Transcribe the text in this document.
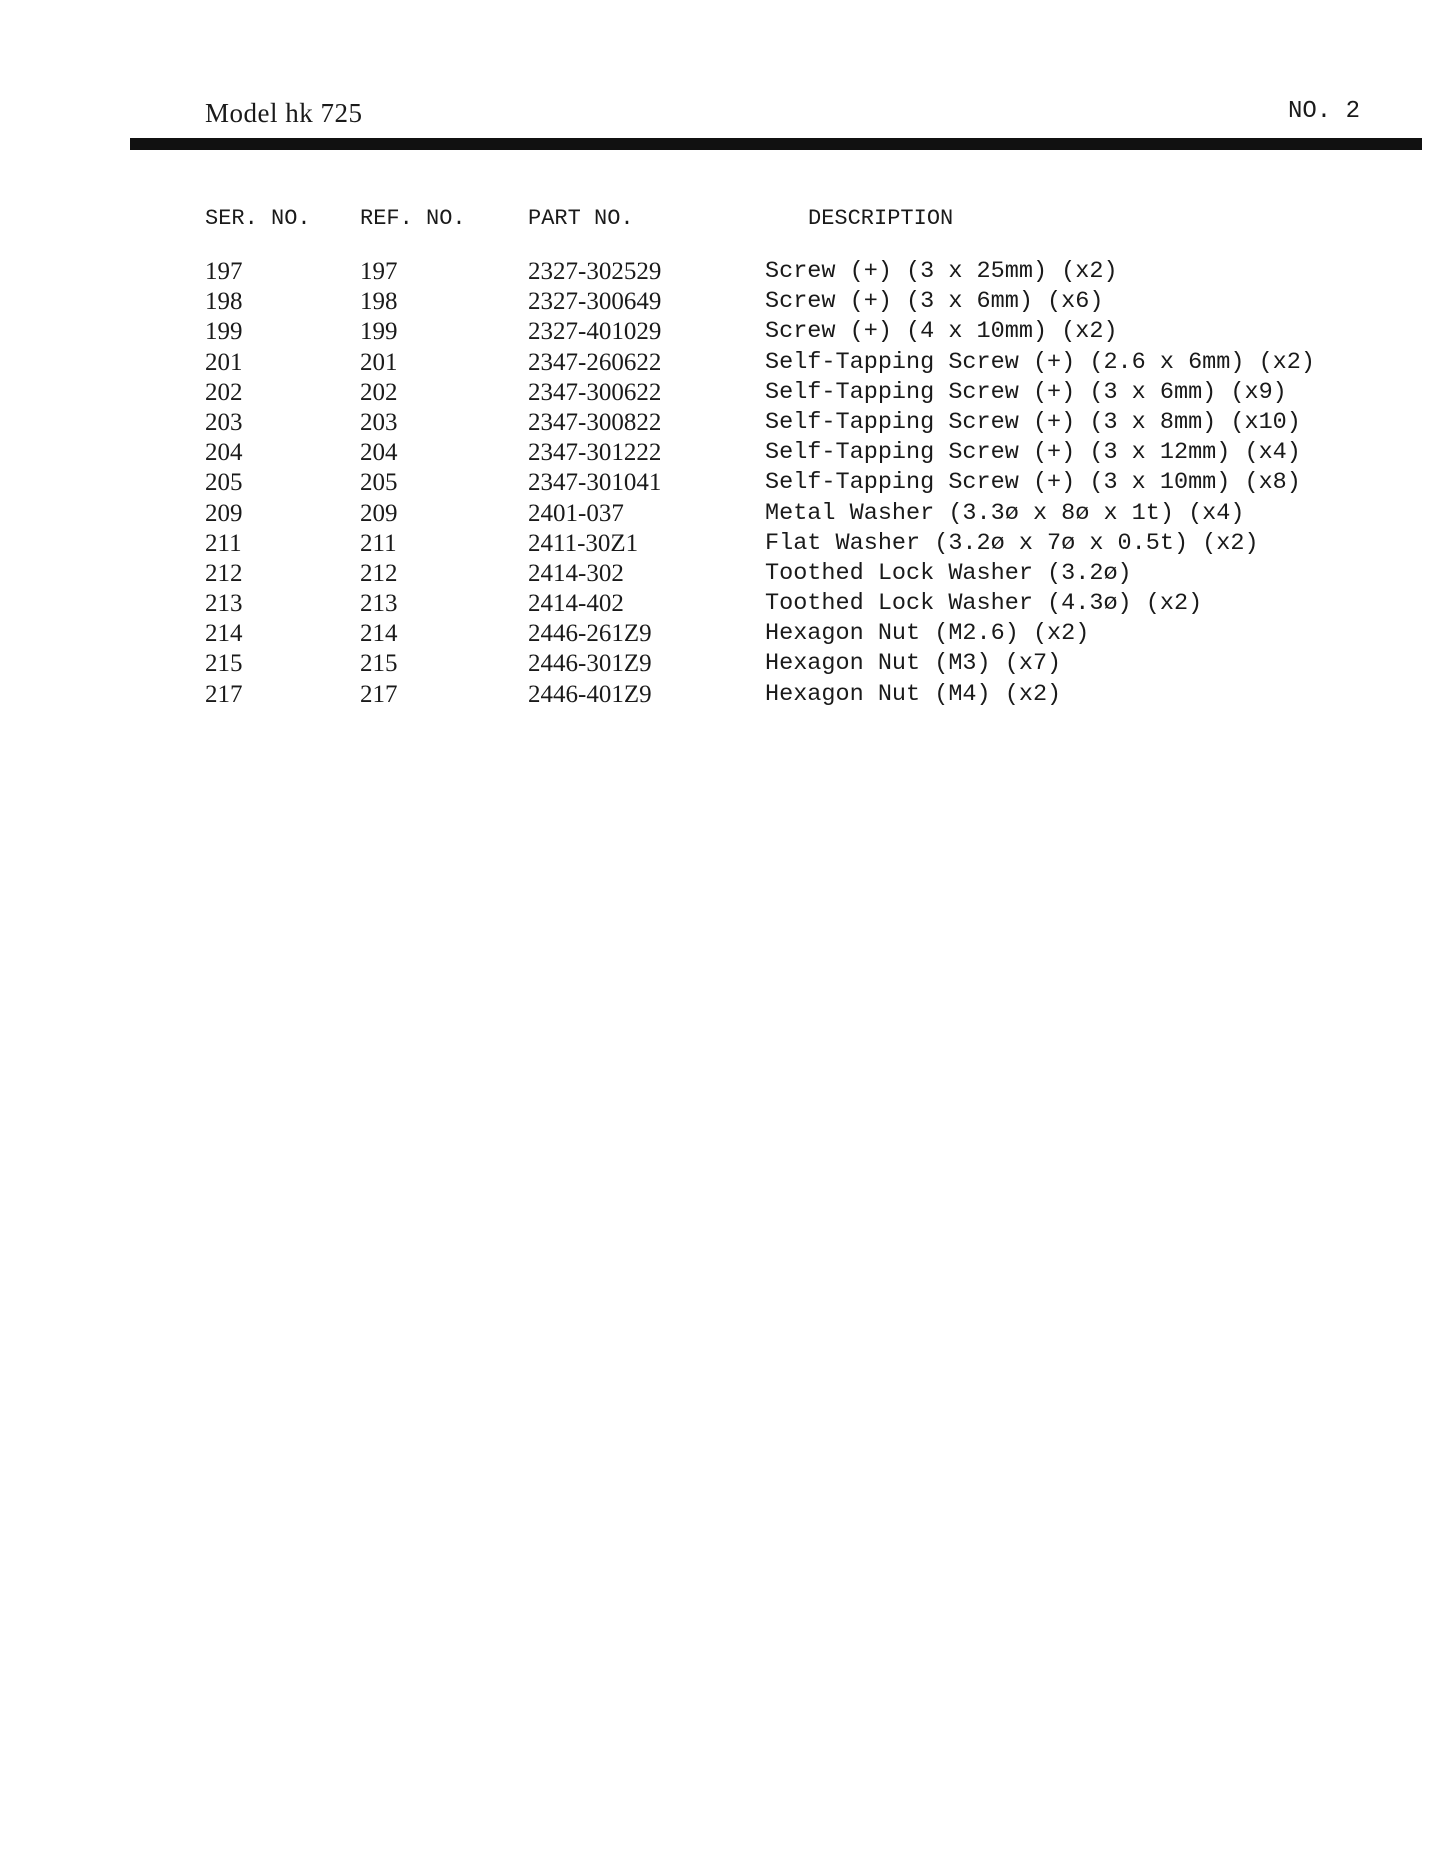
Model hk 725	NO. 2
SER. NO. REF. NO.	PART NO.	DESCRIPTION
197	197	2327-302529	Screw (+) (3 x 25mm) (x2)
198	198	2327-300649	Screw (+) (3 x 6mm) (x6)
199	199	2327-401029	Screw (+) (4 x 10mm) (x2)
201	201	2347-260622	Self-Tapping Screw (+) (2.6 x 6mm) (x2)
202	202	2347-300622	Self-Tapping Screw (+) (3 x 6mm) (x9)
203	203	2347-300822	Self-Tapping Screw (+) (3 x 8mm) (x10)
204	204	2347-301222	Self-Tapping Screw (+) (3 x 12mm) (x4)
205	205	2347-301041	Self-Tapping Screw (+) (3 x 10mm) (x8)
209	209	2401-037	Metal Washer (3.3ø x 8ø x 1t) (x4)
211	211	2411-30Z1	Flat Washer (3.2ø x 7ø x 0.5t) (x2)
212	212	2414-302	Toothed Lock Washer (3.2ø)
213	213	2414-402	Toothed Lock Washer (4.3ø) (x2)
214	214	2446-261Z9	Hexagon Nut (M2.6) (x2)
215	215	2446-301Z9	Hexagon Nut (M3) (x7)
217	217	2446-401Z9	Hexagon Nut (M4) (x2)
